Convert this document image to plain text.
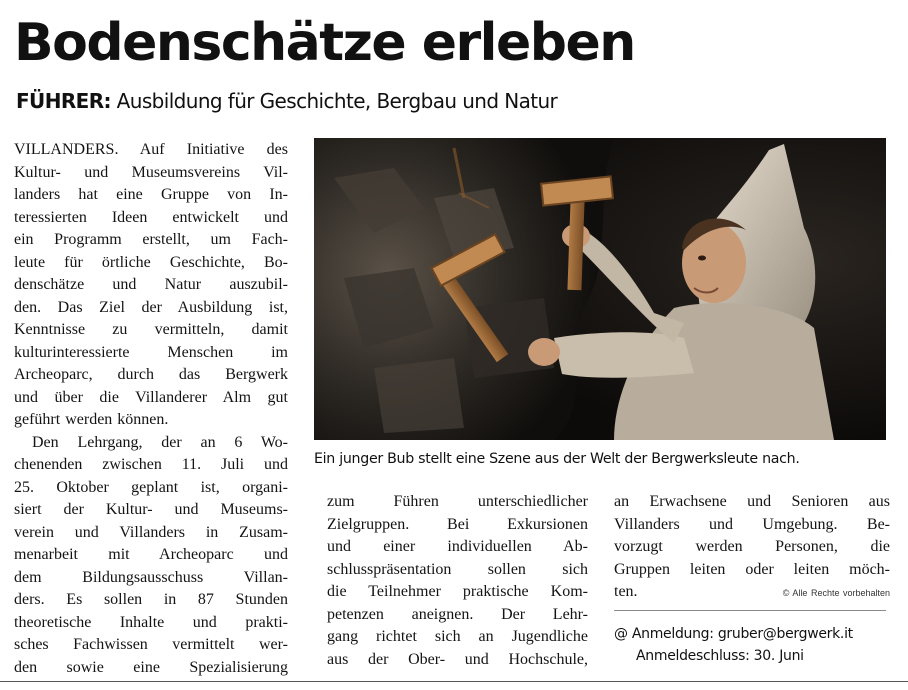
Bodenschätze erleben
FÜHRER: Ausbildung für Geschichte, Bergbau und Natur
VILLANDERS. Auf Initiative des
Kultur- und Museumsvereins Vil-
landers hat eine Gruppe von In-
teressierten Ideen entwickelt und
ein Programm erstellt, um Fach-
leute für örtliche Geschichte, Bo-
denschätze und Natur auszubil-
den. Das Ziel der Ausbildung ist,
Kenntnisse zu vermitteln, damit
kulturinteressierte Menschen im
Archeoparc, durch das Bergwerk
und über die Villanderer Alm gut
geführt werden können.
Den Lehrgang, der an 6 Wo-
chenenden zwischen 11. Juli und
25. Oktober geplant ist, organi-
siert der Kultur- und Museums-
verein und Villanders in Zusam-
menarbeit mit Archeoparc und
dem Bildungsausschuss Villan-
ders. Es sollen in 87 Stunden
theoretische Inhalte und prakti-
sches Fachwissen vermittelt wer-
den sowie eine Spezialisierung
Ein junger Bub stellt eine Szene aus der Welt der Bergwerksleute nach.
zum Führen unterschiedlicher
Zielgruppen. Bei Exkursionen
und einer individuellen Ab-
schlusspräsentation sollen sich
die Teilnehmer praktische Kom-
petenzen aneignen. Der Lehr-
gang richtet sich an Jugendliche
aus der Ober- und Hochschule,
an Erwachsene und Senioren aus
Villanders und Umgebung. Be-
vorzugt werden Personen, die
Gruppen leiten oder leiten möch-
ten.	© Alle Rechte vorbehalten
@ Anmeldung: gruber@bergwerk.it
Anmeldeschluss: 30. Juni
